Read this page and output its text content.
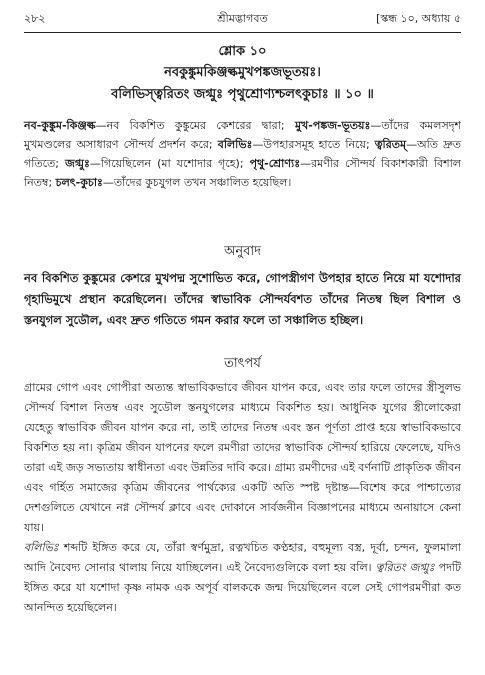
২৮২	শ্রীমদ্ভাগবত	[স্কন্ধ ১০, অধ্যায় ৫
শ্লোক ১০
নবকুঙ্কুমকিঞ্জল্কমুখপঙ্কজভূতয়ঃ।
বলিভিস্ত্বরিতং জগ্মুঃ পৃথুশ্রোণ্যশ্চলৎকুচাঃ ॥ ১০ ॥
নব-কুঙ্কুম-কিঞ্জল্ক—নব বিকশিত কুঙ্কুমের কেশরের দ্বারা; মুখ-পঙ্কজ-ভূতয়ঃ—তাঁদের কমলসদৃশ মুখমণ্ডলের অসাধারণ সৌন্দর্য প্রদর্শন করে; বলিভিঃ—উপহারসমূহ হাতে নিয়ে; ত্বরিতম্—অতি দ্রুত গতিতে; জগ্মুঃ—গিয়েছিলেন (মা যশোদার গৃহে); পৃথু-শ্রোণ্যঃ—রমণীর সৌন্দর্য বিকাশকারী বিশাল নিতম্ব; চলৎ-কুচাঃ—তাঁদের কুচযুগল তখন সঞ্চালিত হয়েছিল।
অনুবাদ
নব বিকশিত কুঙ্কুমের কেশরে মুখপদ্ম সুশোভিত করে, গোপস্ত্রীগণ উপহার হাতে নিয়ে মা যশোদার গৃহাভিমুখে প্রস্থান করেছিলেন। তাঁদের স্বাভাবিক সৌন্দর্যবশত তাঁদের নিতম্ব ছিল বিশাল ও স্তনযুগল সুডৌল, এবং দ্রুত গতিতে গমন করার ফলে তা সঞ্চালিত হচ্ছিল।
তাৎপর্য

গ্রামের গোপ এবং গোপীরা অত্যন্ত স্বাভাবিকভাবে জীবন যাপন করে, এবং তার ফলে তাদের স্ত্রীসুলভ সৌন্দর্য বিশাল নিতম্ব এবং সুডৌল স্তনযুগলের মাধ্যমে বিকশিত হয়। আধুনিক যুগের স্ত্রীলোকেরা যেহেতু স্বাভাবিক জীবন যাপন করে না, তাই তাদের নিতম্ব এবং স্তন পূর্ণতা প্রাপ্ত হয়ে স্বাভাবিকভাবে বিকশিত হয় না। কৃত্রিম জীবন যাপনের ফলে রমণীরা তাদের স্বাভাবিক সৌন্দর্য হারিয়ে ফেলেছে, যদিও তারা এই জড় সভ্যতায় স্বাধীনতা এবং উন্নতির দাবি করে। গ্রাম্য রমণীদের এই বর্ণনাটি প্রাকৃতিক জীবন এবং গর্হিত সমাজের কৃত্রিম জীবনের পার্থক্যের একটি অতি স্পষ্ট দৃষ্টান্ত—বিশেষ করে পাশ্চাত্যের দেশগুলিতে যেখানে নগ্ন সৌন্দর্য ক্লাবে এবং দোকানে সার্বজনীন বিজ্ঞাপনের মাধ্যমে অনায়াসে কেনা যায়।

বলিভিঃ শব্দটি ইঙ্গিত করে যে, তাঁরা স্বর্ণমুদ্রা, রত্নখচিত কণ্ঠহার, বহুমূল্য বস্ত্র, দূর্বা, চন্দন, ফুলমালা আদি নৈবেদ্য সোনার থালায় নিয়ে যাচ্ছিলেন। এই নৈবেদ্যগুলিকে বলা হয় বলি। ত্বরিতং জগ্মুঃ পদটি ইঙ্গিত করে যা যশোদা কৃষ্ণ নামক এক অপূর্ব বালককে জন্ম দিয়েছিলেন বলে সেই গোপরমণীরা কত আনন্দিত হয়েছিলেন।
